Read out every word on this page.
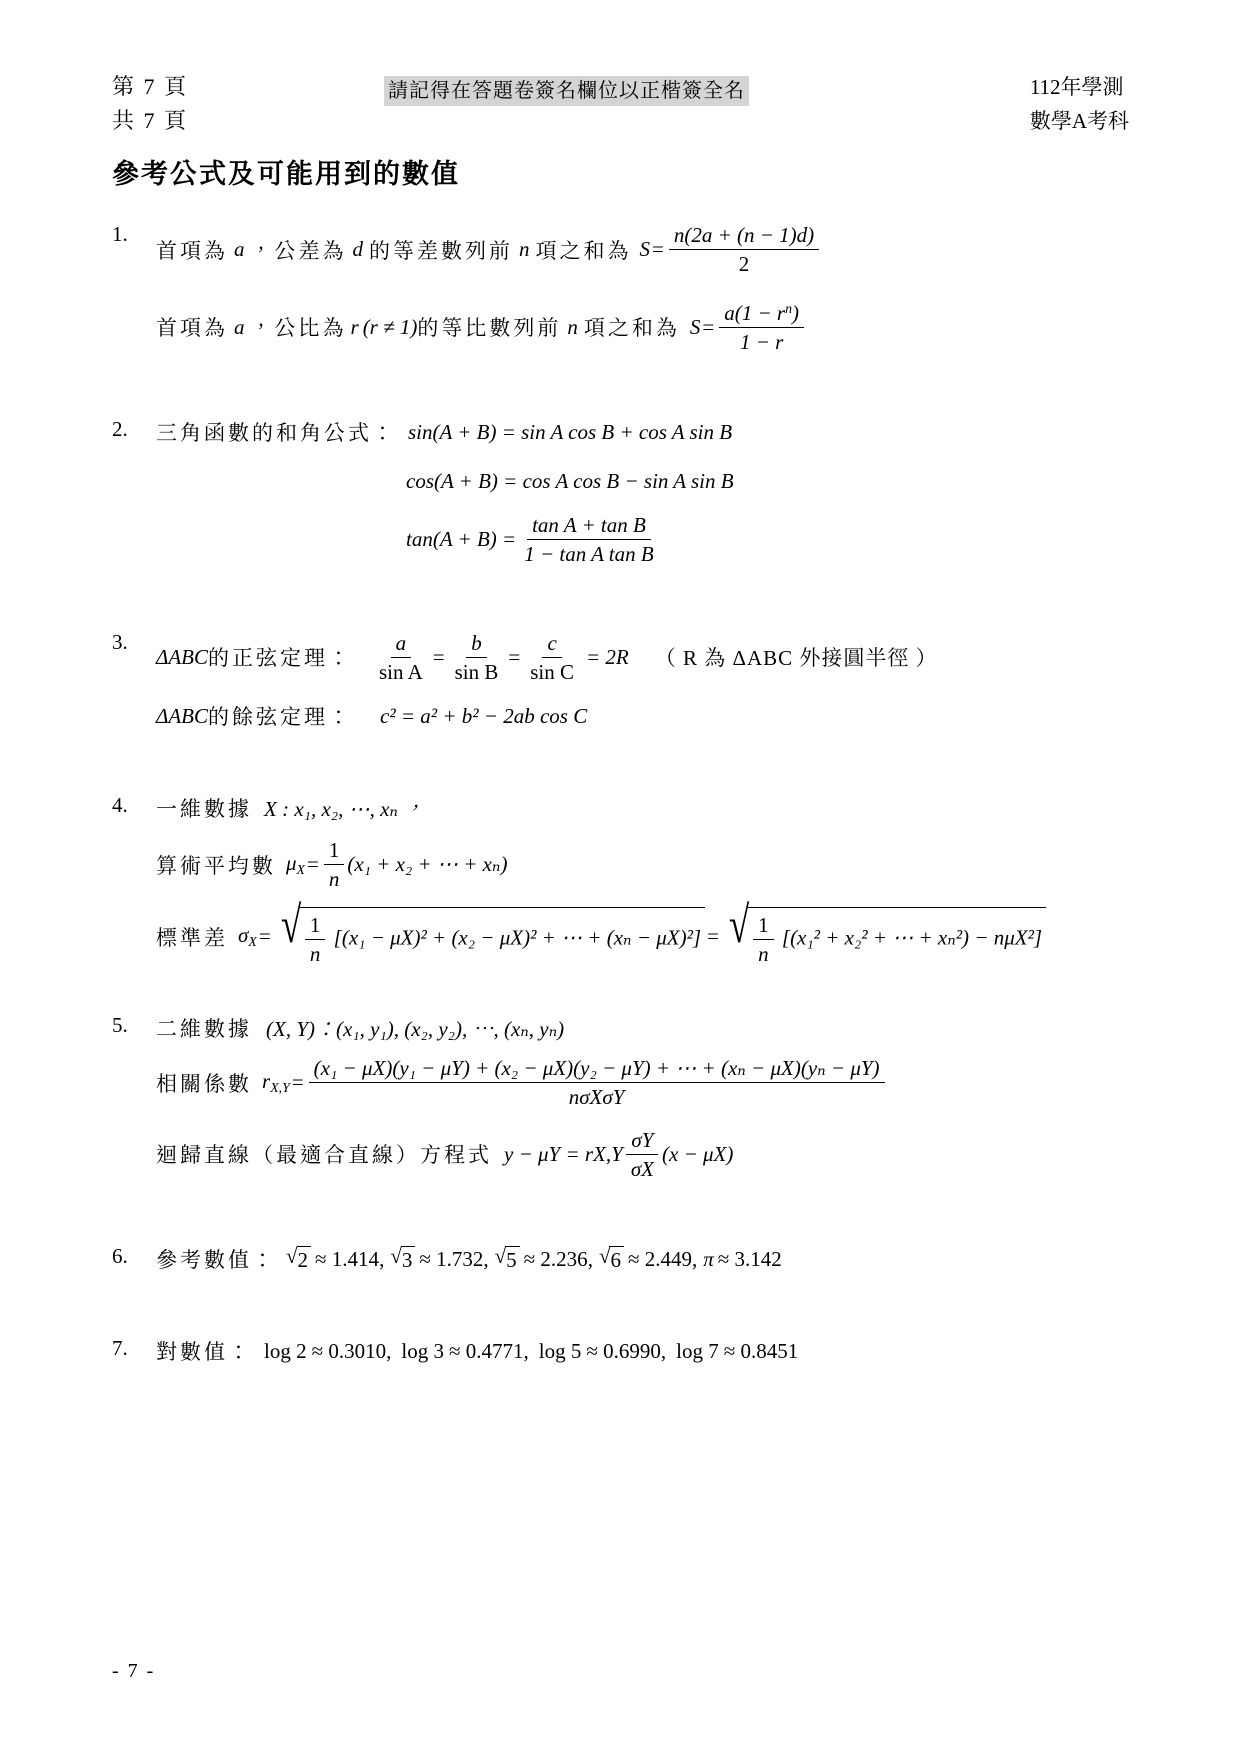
第 7 頁
共 7 頁
請記得在答題卷簽名欄位以正楷簽全名	112年學測
數學A考科
參考公式及可能用到的數值
1.
首項為 a ，公差為 d 的等差數列前 n 項之和為 $S = \frac{n(2a + (n - 1)d)}{2}$
首項為 a ，公比為 r (r ≠ 1) 的等比數列前 n 項之和為 $S = \frac{a(1 - r^n)}{1 - r}$
2.	三角函數的和角公式： sin(A + B) = sin A cos B + cos A sin B
cos(A + B) = cos A cos B − sin A sin B
$\tan(A + B) = \frac{\text{tan A + tan B}}{\text{1 − tan A tan B}}$
3.
ΔABC 的正弦定理： $\frac{a}{\text{sin A}} = \frac{b}{\text{sin B}} = \frac{c}{\text{sin C}} = 2R$	（ R 為 ΔABC 外接圓半徑 ）
ΔABC 的餘弦定理：	c² = a² + b² − 2ab cos C
4.	一維數據 X : x₁, x₂, ⋯, xₙ ，
算術平均數 $\mu_X = \frac{1}{n} (x_1 + x_2$ + ⋯ + xₙ)
標準差 $\sigma_X$ = √ $\frac{1}{n} [(x_1 - \mu X)^2 + (x_2 - \mu X)^2$ + ⋯ + (xₙ − μX)²] = √ $\frac{1}{n} [(x_1^2 + x_2^2$ + ⋯ + xₙ²) − nμX²]
5.	二維數據 (X, Y)：(x₁, y₁), (x₂, y₂), ⋯, (xₙ, yₙ)
相關係數 $r_{X,Y}$ =
(x₁ − μX)(y₁ − μY) + (x₂ − μX)(y₂ − μY) + ⋯ + (xₙ − μX)(yₙ − μY)
nσXσY
迴歸直線（最適合直線）方程式 $y - \mu Y = rX,Y \frac{\sigma Y}{\sigma X} (x - \mu X)$
6.	參考數值： √ 2 ≈ 1.414 , √ 3 ≈ 1.732 , √ 5 ≈ 2.236 , √ 6 ≈ 2.449 , π ≈ 3.142
7.	對數值： log 2 ≈ 0.3010, log 3 ≈ 0.4771, log 5 ≈ 0.6990, log 7 ≈ 0.8451
- 7 -
